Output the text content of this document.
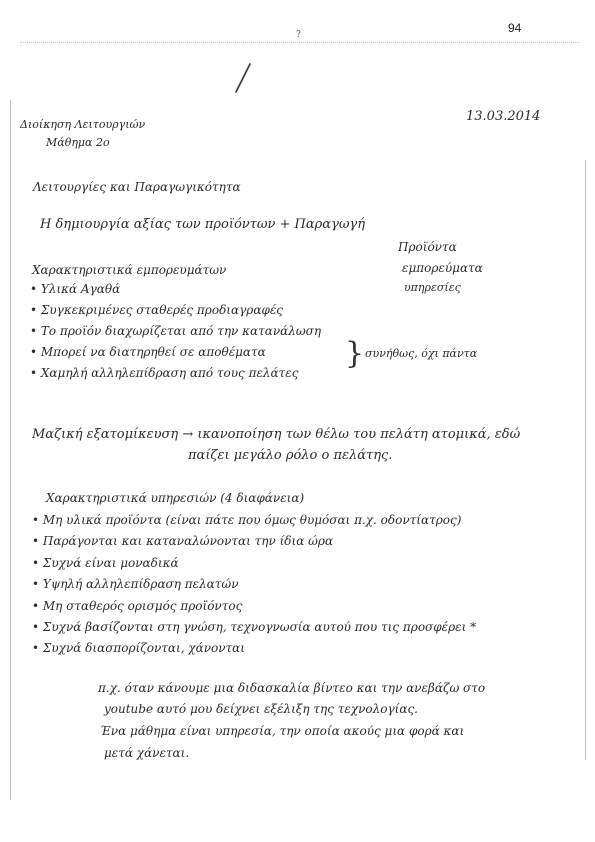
94
?
Διοίκηση Λειτουργιών
Μάθημα 2ο
13.03.2014
Λειτουργίες και Παραγωγικότητα
Η δημιουργία αξίας των προϊόντων + Παραγωγή
Προϊόντα
εμπορεύματα
υπηρεσίες
Χαρακτηριστικά εμπορευμάτων
• Υλικά Αγαθά
• Συγκεκριμένες σταθερές προδιαγραφές
• Το προϊόν διαχωρίζεται από την κατανάλωση
• Μπορεί να διατηρηθεί σε αποθέματα
• Χαμηλή αλληλεπίδραση από τους πελάτες
} συνήθως, όχι πάντα
Μαζική εξατομίκευση → ικανοποίηση των θέλω του πελάτη ατομικά, εδώ
παίζει μεγάλο ρόλο ο πελάτης.
Χαρακτηριστικά υπηρεσιών (4 διαφάνεια)
• Μη υλικά προϊόντα (είναι πάτε που όμως θυμόσαι π.χ. οδοντίατρος)
• Παράγονται και καταναλώνονται την ίδια ώρα
• Συχνά είναι μοναδικά
• Υψηλή αλληλεπίδραση πελατών
• Μη σταθερός ορισμός προϊόντος
• Συχνά βασίζονται στη γνώση, τεχνογνωσία αυτού που τις προσφέρει *
• Συχνά διασπορίζονται, χάνονται
π.χ. όταν κάνουμε μια διδασκαλία βίντεο και την ανεβάζω στο
youtube αυτό μου δείχνει εξέλιξη της τεχνολογίας.
Ένα μάθημα είναι υπηρεσία, την οποία ακούς μια φορά και
μετά χάνεται.
